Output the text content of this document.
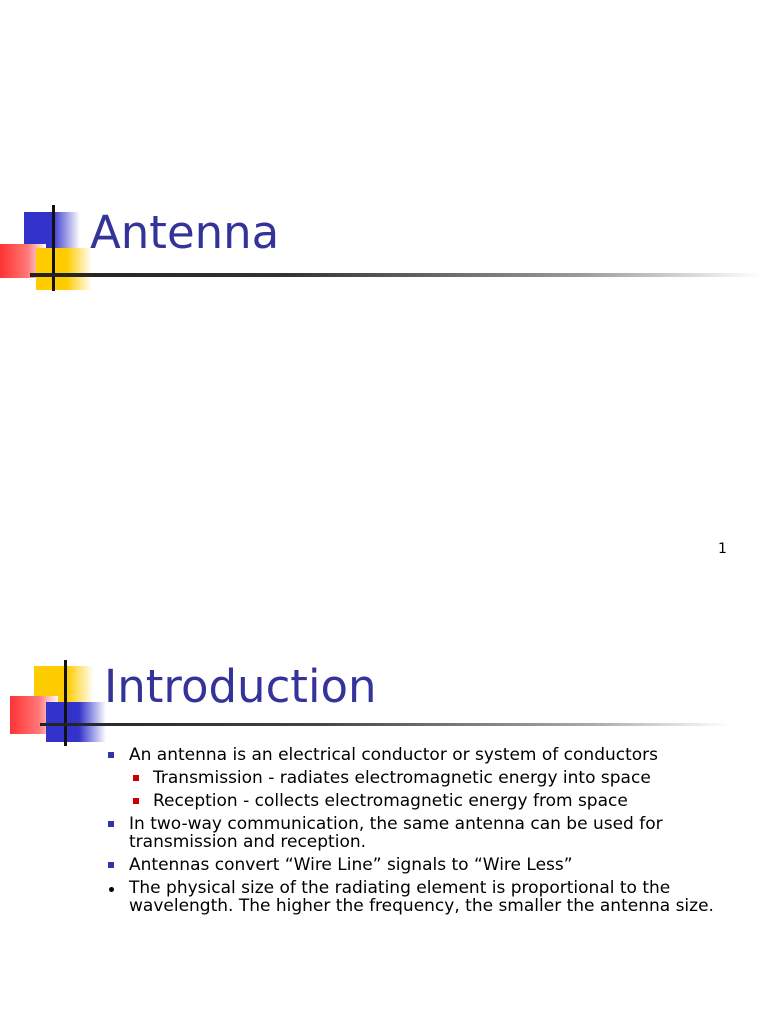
Antenna
1
Introduction
An antenna is an electrical conductor or system of conductors
Transmission - radiates electromagnetic energy into space
Reception - collects electromagnetic energy from space
In two-way communication, the same antenna can be used for transmission and reception.
Antennas convert “Wire Line” signals to “Wire Less”
The physical size of the radiating element is proportional to the wavelength. The higher the frequency, the smaller the antenna size.
